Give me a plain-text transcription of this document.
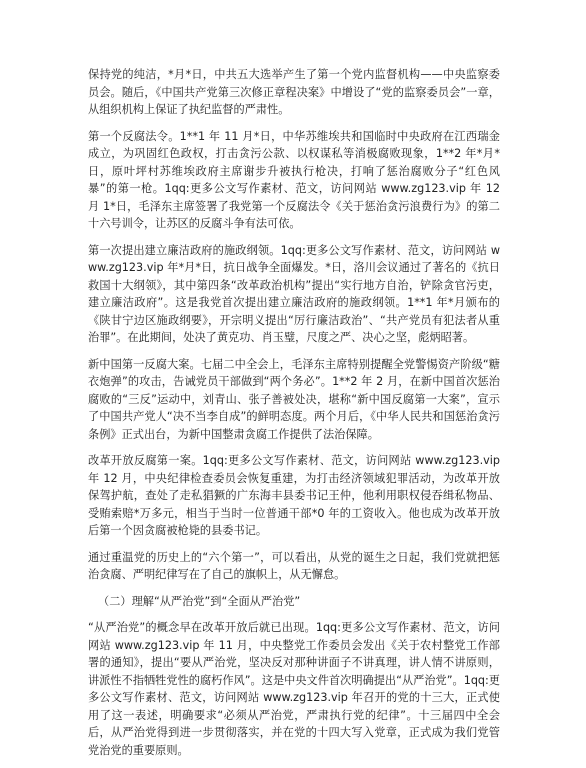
保持党的纯洁，*月*日，中共五大选举产生了第一个党内监督机构——中央监察委员会。随后，《中国共产党第三次修正章程决案》中增设了“党的监察委员会”一章，从组织机构上保证了执纪监督的严肃性。

第一个反腐法令。1**1 年 11 月*日，中华苏维埃共和国临时中央政府在江西瑞金成立，为巩固红色政权，打击贪污公款、以权谋私等消极腐败现象，1**2 年*月*日，原叶坪村苏维埃政府主席谢步升被执行枪决，打响了惩治腐败分子“红色风暴”的第一枪。1qq:更多公文写作素材、范文，访问网站 www.zg123.vip 年 12 月 1*日，毛泽东主席签署了我党第一个反腐法令《关于惩治贪污浪费行为》的第二十六号训令，让苏区的反腐斗争有法可依。

第一次提出建立廉洁政府的施政纲领。1qq:更多公文写作素材、范文，访问网站 www.zg123.vip 年*月*日，抗日战争全面爆发。*日，洛川会议通过了著名的《抗日救国十大纲领》，其中第四条“改革政治机构”提出“实行地方自治，铲除贪官污吏，建立廉洁政府”。这是我党首次提出建立廉洁政府的施政纲领。1**1 年*月颁布的《陕甘宁边区施政纲要》，开宗明义提出“厉行廉洁政治”、“共产党员有犯法者从重治罪”。在此期间，处决了黄克功、肖玉璧，尺度之严、决心之坚，彪炳昭著。

新中国第一反腐大案。七届二中全会上，毛泽东主席特别提醒全党警惕资产阶级“糖衣炮弹”的攻击，告诫党员干部做到“两个务必”。1**2 年 2 月，在新中国首次惩治腐败的“三反”运动中，刘青山、张子善被处决，堪称“新中国反腐第一大案”，宣示了中国共产党人“决不当李自成”的鲜明态度。两个月后，《中华人民共和国惩治贪污条例》正式出台，为新中国整肃贪腐工作提供了法治保障。

改革开放反腐第一案。1qq:更多公文写作素材、范文，访问网站 www.zg123.vip 年 12 月，中央纪律检查委员会恢复重建，为打击经济领域犯罪活动，为改革开放保驾护航，查处了走私猖獗的广东海丰县委书记王仲，他利用职权侵吞缉私物品、受贿索赔*万多元，相当于当时一位普通干部*0 年的工资收入。他也成为改革开放后第一个因贪腐被枪毙的县委书记。

通过重温党的历史上的“六个第一”，可以看出，从党的诞生之日起，我们党就把惩治贪腐、严明纪律写在了自己的旗帜上，从无懈怠。

（二）理解“从严治党”到“全面从严治党”

“从严治党”的概念早在改革开放后就已出现。1qq:更多公文写作素材、范文，访问网站 www.zg123.vip 年 11 月，中央整党工作委员会发出《关于农村整党工作部署的通知》，提出“要从严治党，坚决反对那种讲面子不讲真理，讲人情不讲原则，讲派性不指牺牲党性的腐朽作风”。这是中央文件首次明确提出“从严治党”。1qq:更多公文写作素材、范文，访问网站 www.zg123.vip 年召开的党的十三大，正式使用了这一表述，明确要求“必须从严治党，严肃执行党的纪律”。十三届四中全会后，从严治党得到进一步贯彻落实，并在党的十四大写入党章，正式成为我们党管党治党的重要原则。
